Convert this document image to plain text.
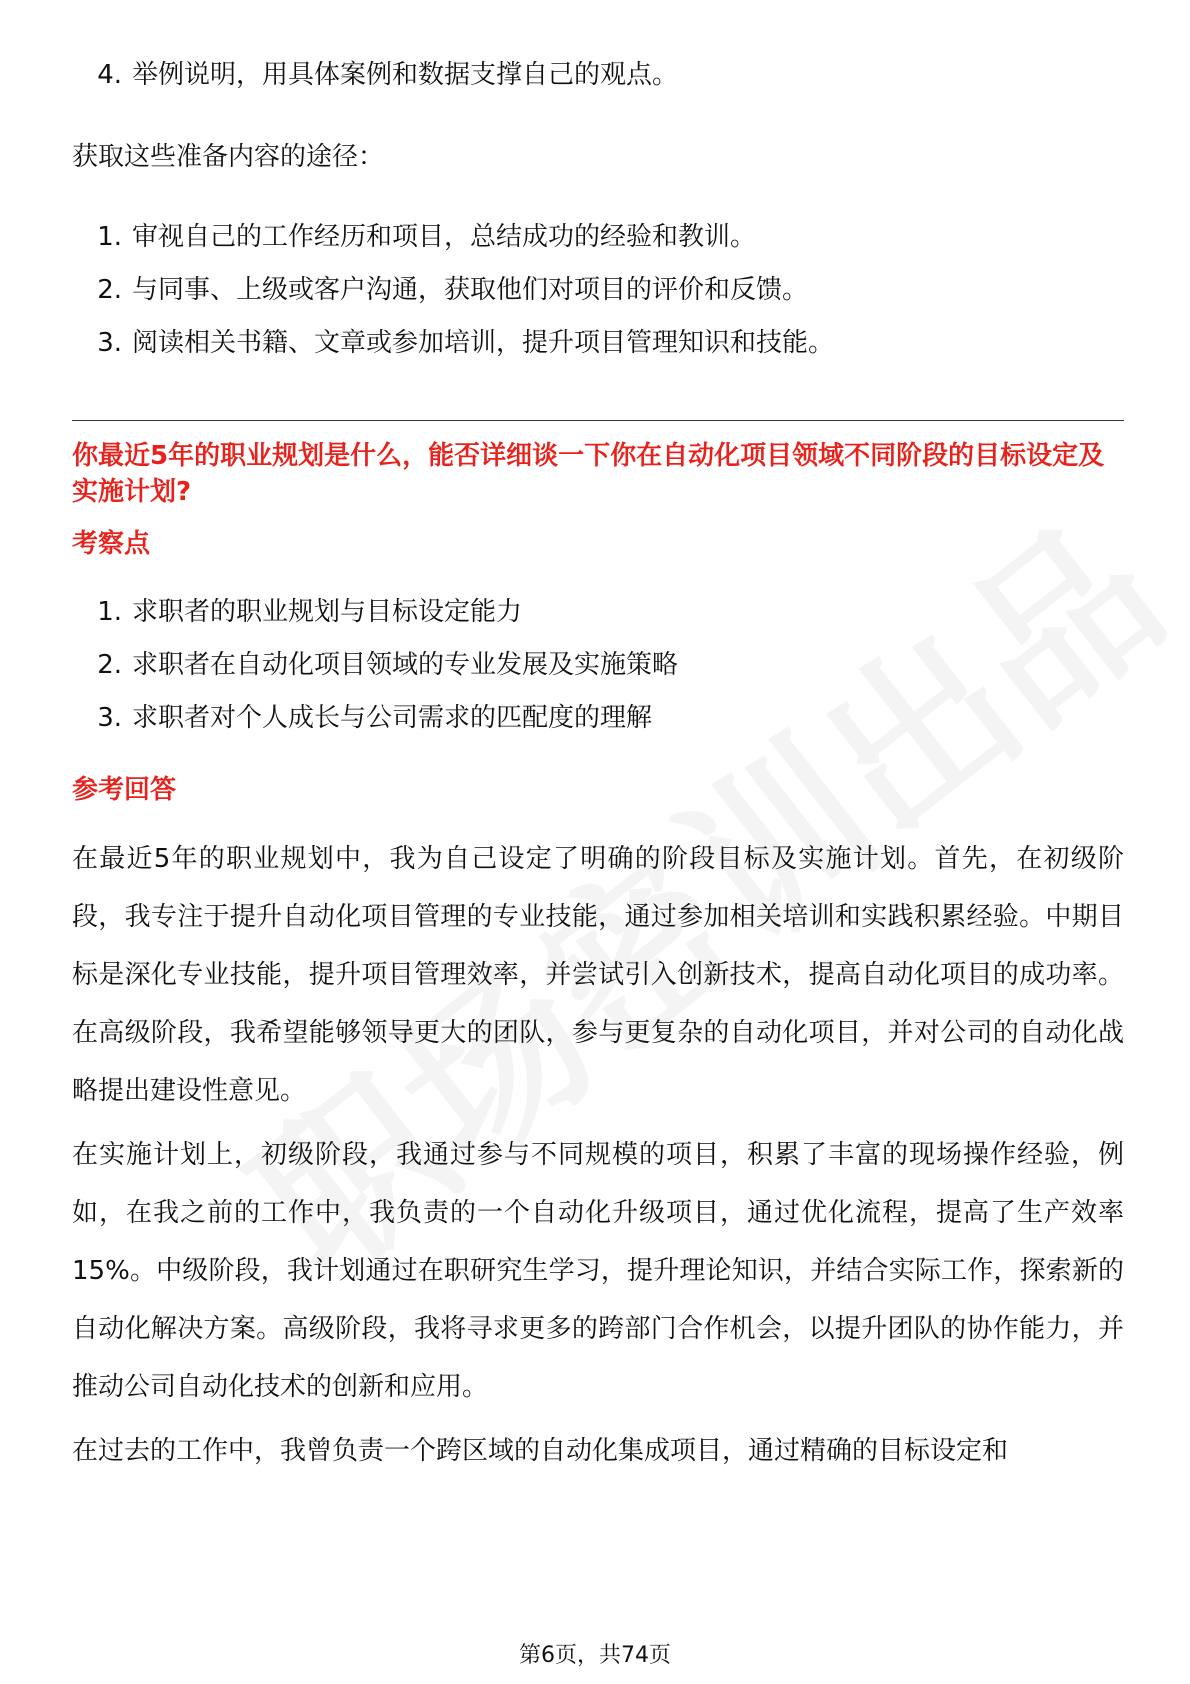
4. 举例说明，用具体案例和数据支撑自己的观点。

获取这些准备内容的途径：

1. 审视自己的工作经历和项目，总结成功的经验和教训。
2. 与同事、上级或客户沟通，获取他们对项目的评价和反馈。
3. 阅读相关书籍、文章或参加培训，提升项目管理知识和技能。

你最近5年的职业规划是什么，能否详细谈一下你在自动化项目领域不同阶段的目标设定及实施计划?

考察点

1. 求职者的职业规划与目标设定能力
2. 求职者在自动化项目领域的专业发展及实施策略
3. 求职者对个人成长与公司需求的匹配度的理解

参考回答

在最近5年的职业规划中，我为自己设定了明确的阶段目标及实施计划。首先，在初级阶段，我专注于提升自动化项目管理的专业技能，通过参加相关培训和实践积累经验。中期目标是深化专业技能，提升项目管理效率，并尝试引入创新技术，提高自动化项目的成功率。在高级阶段，我希望能够领导更大的团队，参与更复杂的自动化项目，并对公司的自动化战略提出建设性意见。

在实施计划上，初级阶段，我通过参与不同规模的项目，积累了丰富的现场操作经验，例如，在我之前的工作中，我负责的一个自动化升级项目，通过优化流程，提高了生产效率15%。中级阶段，我计划通过在职研究生学习，提升理论知识，并结合实际工作，探索新的自动化解决方案。高级阶段，我将寻求更多的跨部门合作机会，以提升团队的协作能力，并推动公司自动化技术的创新和应用。

在过去的工作中，我曾负责一个跨区域的自动化集成项目，通过精确的目标设定和

第6页，共74页
